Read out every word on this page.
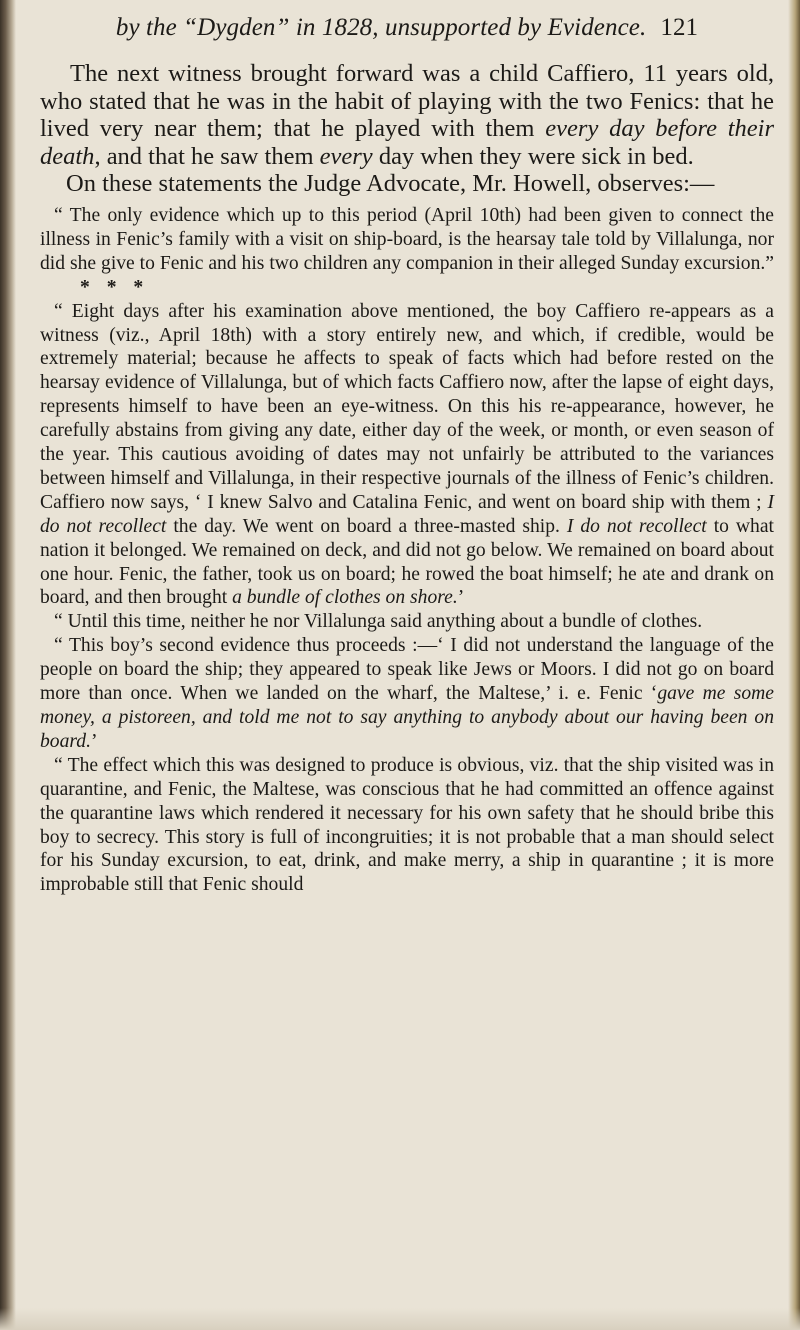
by the “Dygden” in 1828, unsupported by Evidence. 121

The next witness brought forward was a child Caffiero, 11 years old, who stated that he was in the habit of playing with the two Fenics: that he lived very near them; that he played with them every day before their death, and that he saw them every day when they were sick in bed.

On these statements the Judge Advocate, Mr. Howell, observes:—

“ The only evidence which up to this period (April 10th) had been given to connect the illness in Fenic’s family with a visit on ship-board, is the hearsay tale told by Villalunga, nor did she give to Fenic and his two children any companion in their alleged Sunday excursion.” * * *

“ Eight days after his examination above mentioned, the boy Caffiero re-appears as a witness (viz., April 18th) with a story entirely new, and which, if credible, would be extremely material; because he affects to speak of facts which had before rested on the hearsay evidence of Villalunga, but of which facts Caffiero now, after the lapse of eight days, represents himself to have been an eye-witness. On this his re-appearance, however, he carefully abstains from giving any date, either day of the week, or month, or even season of the year. This cautious avoiding of dates may not unfairly be attributed to the variances between himself and Villalunga, in their respective journals of the illness of Fenic’s children. Caffiero now says, ‘ I knew Salvo and Catalina Fenic, and went on board ship with them ; I do not recollect the day. We went on board a three-masted ship. I do not recollect to what nation it belonged. We remained on deck, and did not go below. We remained on board about one hour. Fenic, the father, took us on board; he rowed the boat himself; he ate and drank on board, and then brought a bundle of clothes on shore.’

“ Until this time, neither he nor Villalunga said anything about a bundle of clothes.

“ This boy’s second evidence thus proceeds :—‘ I did not understand the language of the people on board the ship; they appeared to speak like Jews or Moors. I did not go on board more than once. When we landed on the wharf, the Maltese,’ i. e. Fenic ‘gave me some money, a pistoreen, and told me not to say anything to anybody about our having been on board.’

“ The effect which this was designed to produce is obvious, viz. that the ship visited was in quarantine, and Fenic, the Maltese, was conscious that he had committed an offence against the quarantine laws which rendered it necessary for his own safety that he should bribe this boy to secrecy. This story is full of incongruities; it is not probable that a man should select for his Sunday excursion, to eat, drink, and make merry, a ship in quarantine ; it is more improbable still that Fenic should
